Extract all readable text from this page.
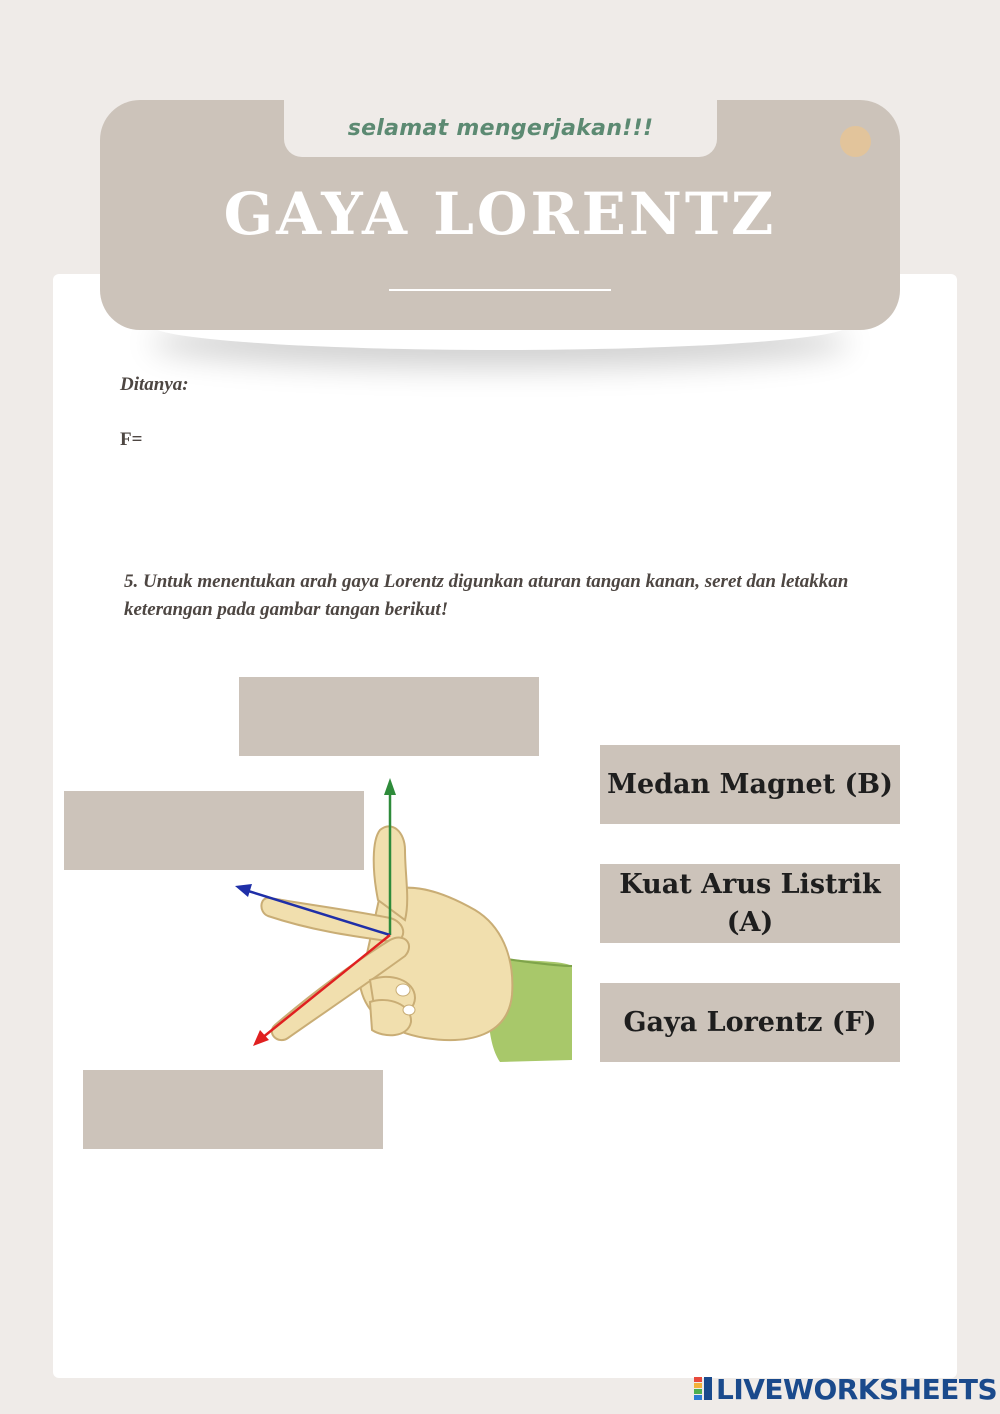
selamat mengerjakan!!!
GAYA LORENTZ
Ditanya:
F=
5. Untuk menentukan arah gaya Lorentz digunkan aturan tangan kanan, seret dan letakkan keterangan pada gambar tangan berikut!
Medan Magnet (B)
Kuat Arus Listrik (A)
Gaya Lorentz (F)
LIVEWORKSHEETS
